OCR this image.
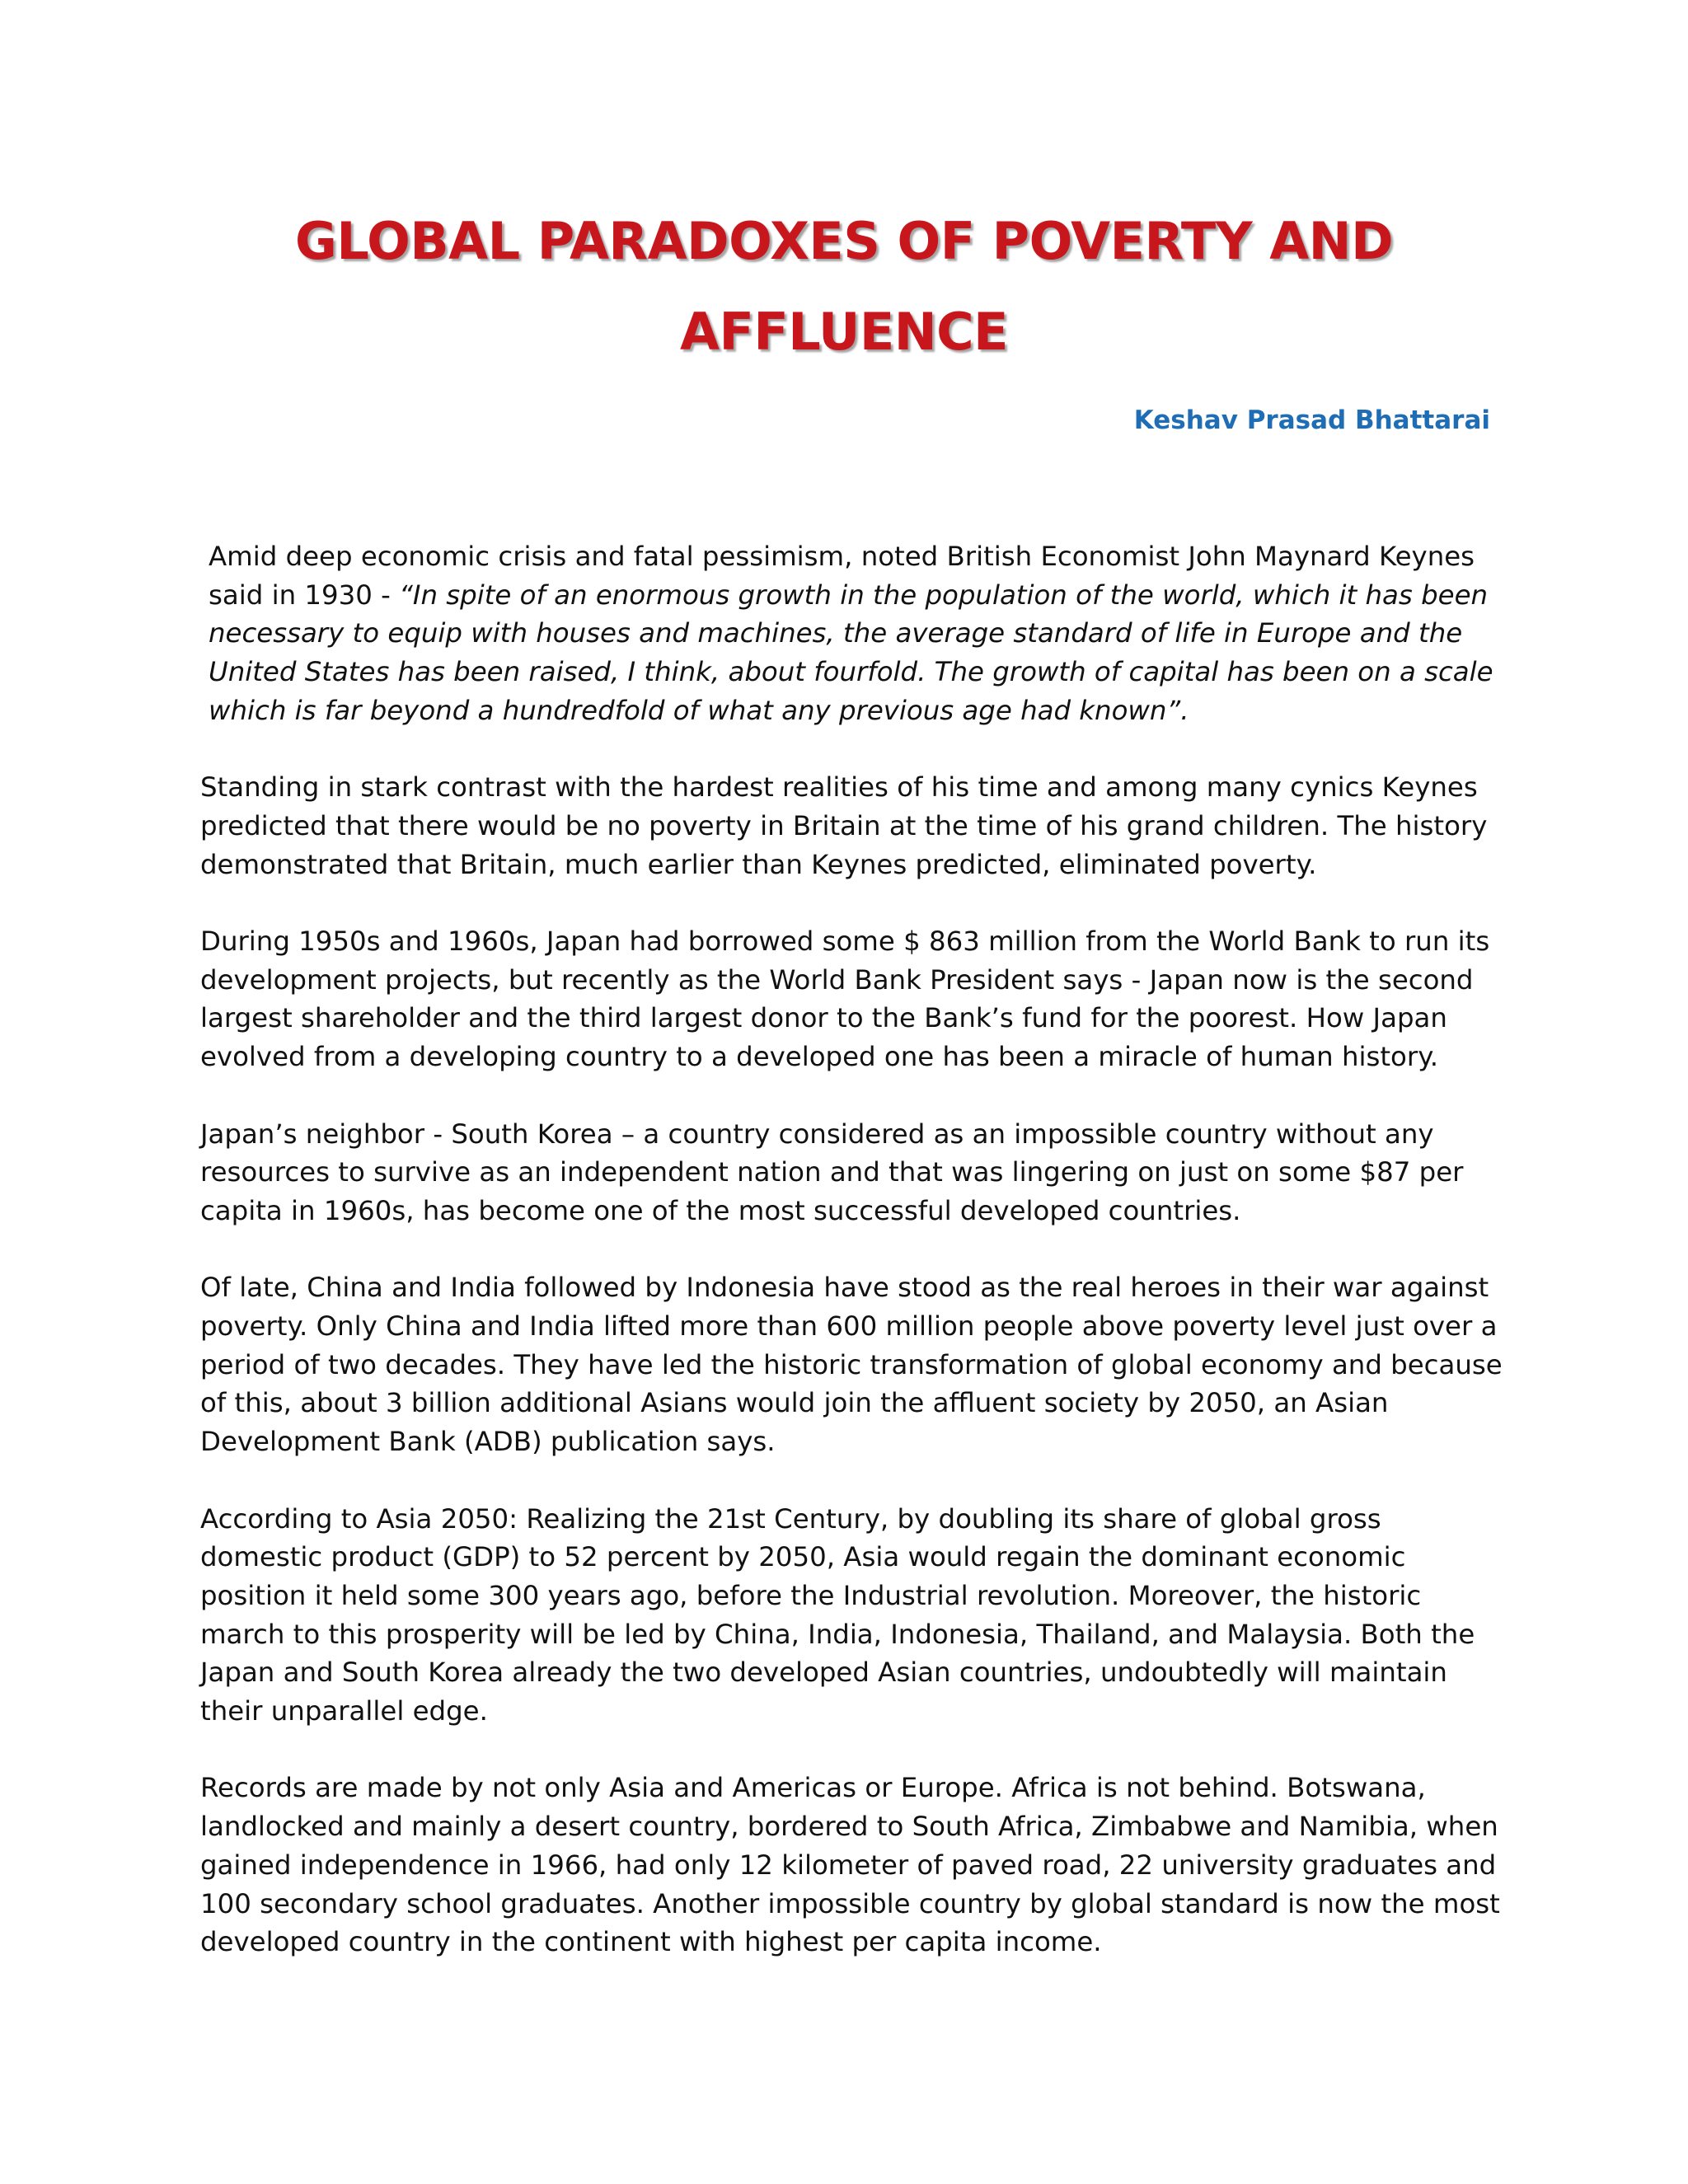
GLOBAL PARADOXES OF POVERTY AND AFFLUENCE
Keshav Prasad Bhattarai

Amid deep economic crisis and fatal pessimism, noted British Economist John Maynard Keynes said in 1930 - “In spite of an enormous growth in the population of the world, which it has been necessary to equip with houses and machines, the average standard of life in Europe and the United States has been raised, I think, about fourfold. The growth of capital has been on a scale which is far beyond a hundredfold of what any previous age had known”.

Standing in stark contrast with the hardest realities of his time and among many cynics Keynes predicted that there would be no poverty in Britain at the time of his grand children. The history demonstrated that Britain, much earlier than Keynes predicted, eliminated poverty.

During 1950s and 1960s, Japan had borrowed some $ 863 million from the World Bank to run its development projects, but recently as the World Bank President says - Japan now is the second largest shareholder and the third largest donor to the Bank’s fund for the poorest. How Japan evolved from a developing country to a developed one has been a miracle of human history.

Japan’s neighbor - South Korea – a country considered as an impossible country without any resources to survive as an independent nation and that was lingering on just on some $87 per capita in 1960s, has become one of the most successful developed countries.

Of late, China and India followed by Indonesia have stood as the real heroes in their war against poverty. Only China and India lifted more than 600 million people above poverty level just over a period of two decades. They have led the historic transformation of global economy and because of this, about 3 billion additional Asians would join the affluent society by 2050, an Asian Development Bank (ADB) publication says.

According to Asia 2050: Realizing the 21st Century, by doubling its share of global gross domestic product (GDP) to 52 percent by 2050, Asia would regain the dominant economic position it held some 300 years ago, before the Industrial revolution. Moreover, the historic march to this prosperity will be led by China, India, Indonesia, Thailand, and Malaysia. Both the Japan and South Korea already the two developed Asian countries, undoubtedly will maintain their unparallel edge.

Records are made by not only Asia and Americas or Europe. Africa is not behind. Botswana, landlocked and mainly a desert country, bordered to South Africa, Zimbabwe and Namibia, when gained independence in 1966, had only 12 kilometer of paved road, 22 university graduates and 100 secondary school graduates. Another impossible country by global standard is now the most developed country in the continent with highest per capita income.
